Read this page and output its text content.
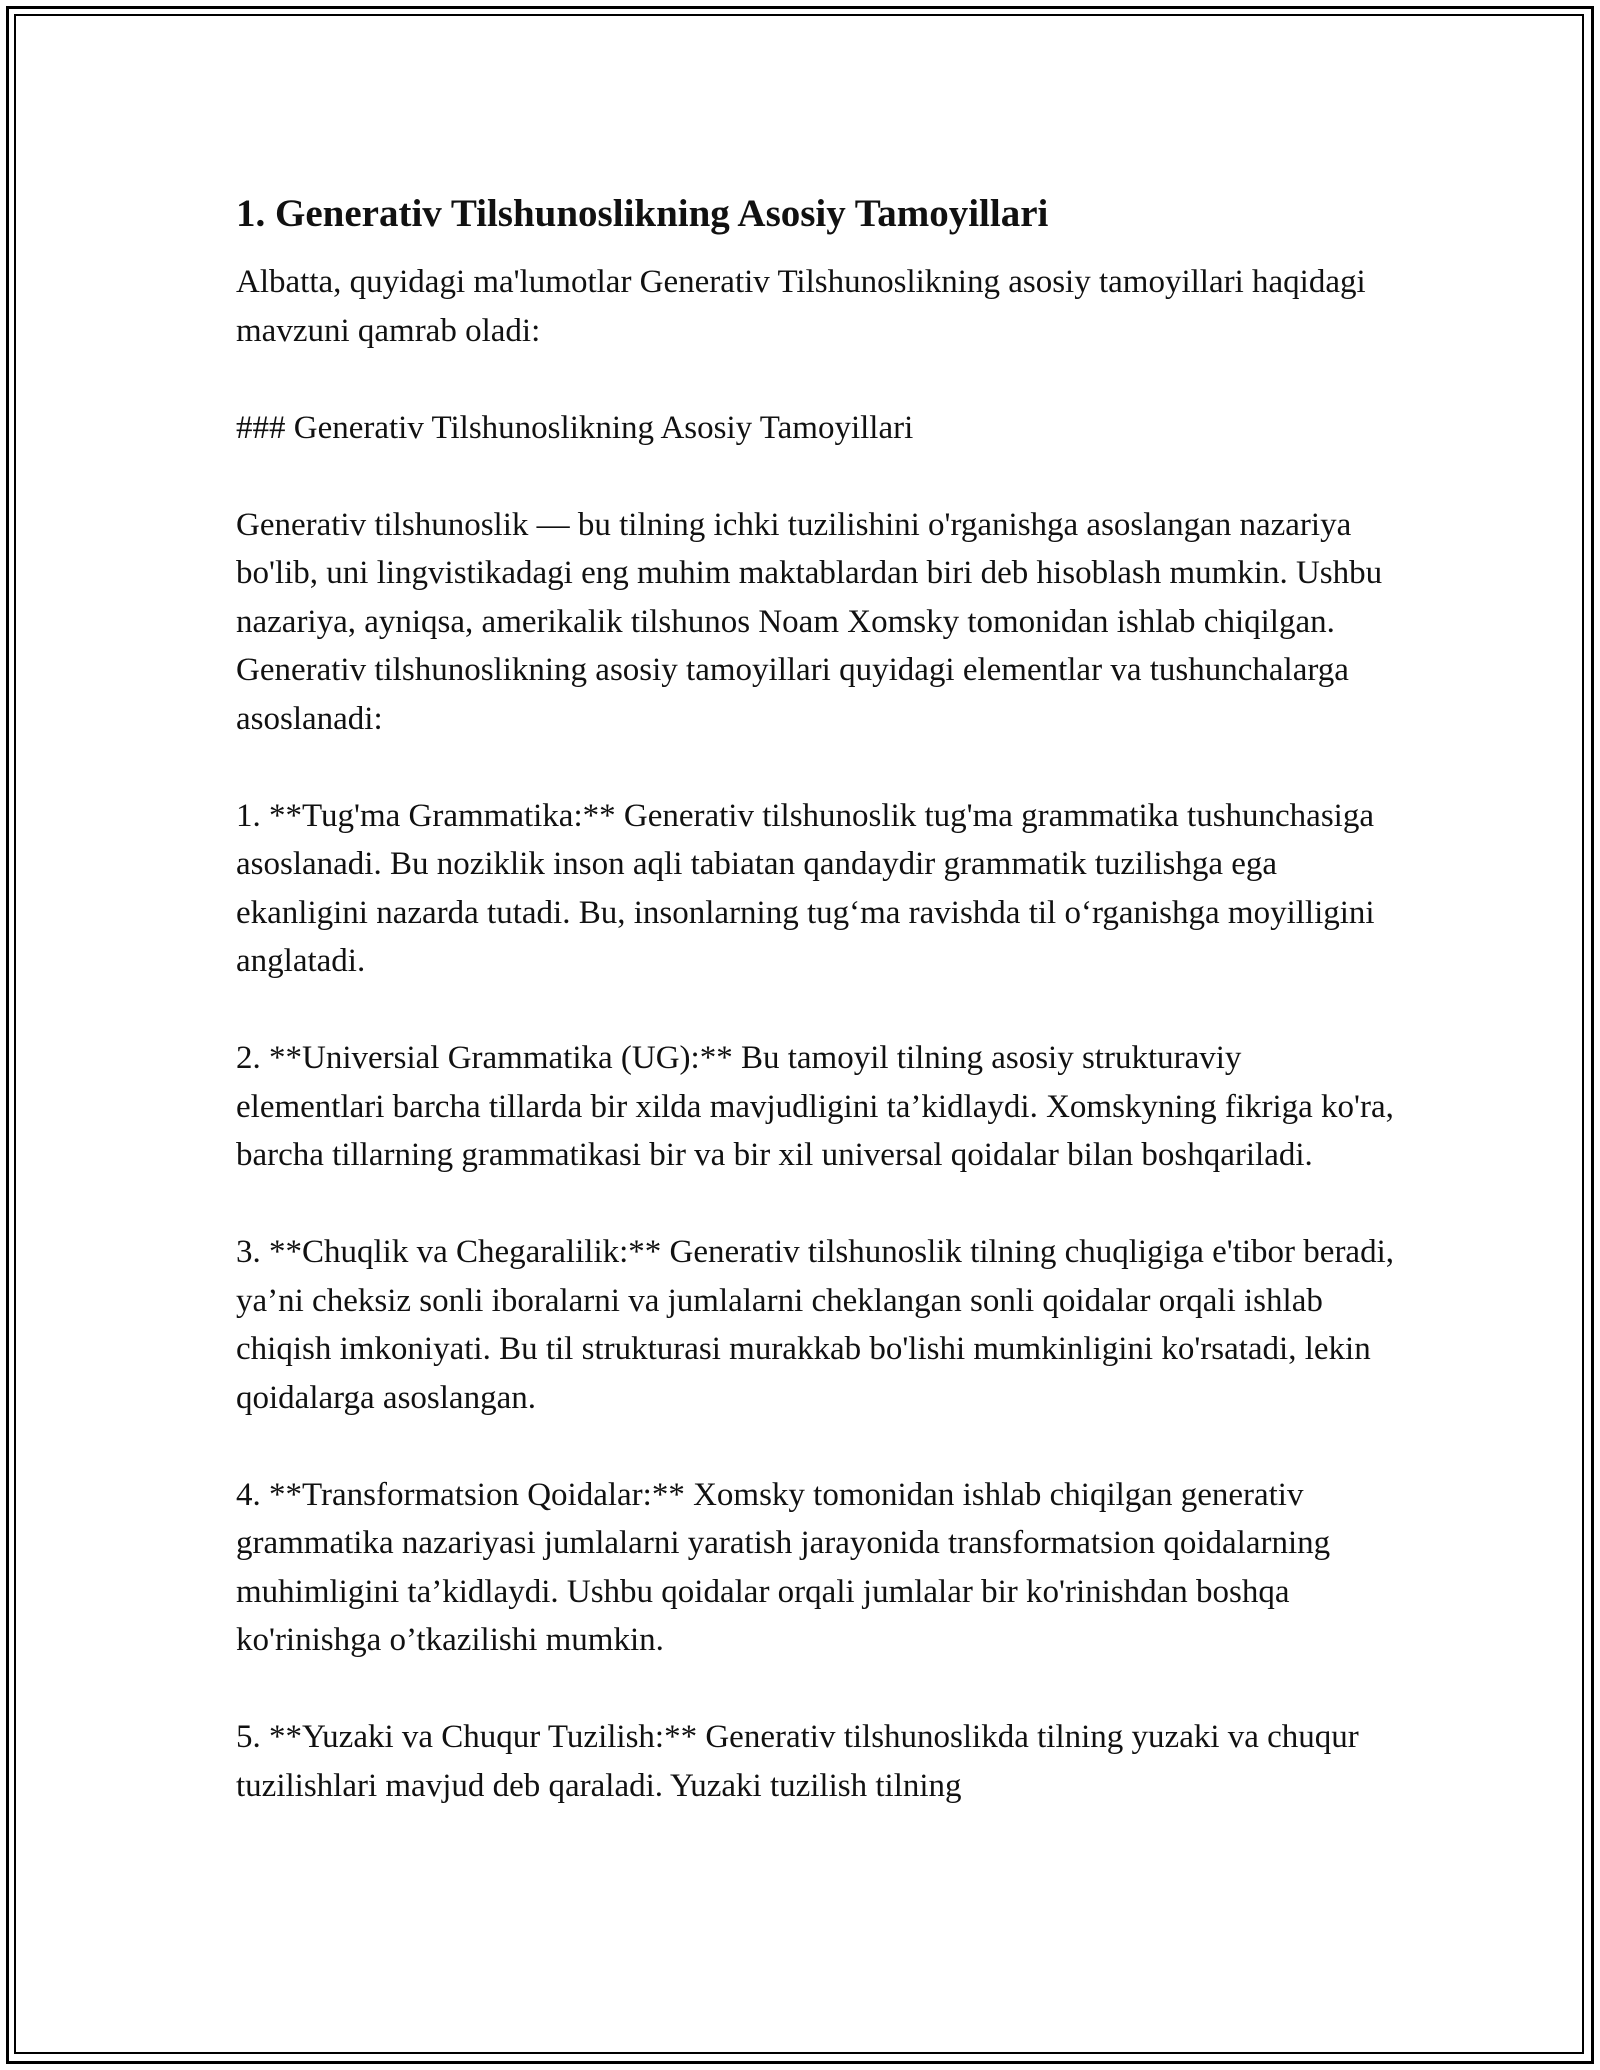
1. Generativ Tilshunoslikning Asosiy Tamoyillari

Albatta, quyidagi ma'lumotlar Generativ Tilshunoslikning asosiy tamoyillari haqidagi mavzuni qamrab oladi:

### Generativ Tilshunoslikning Asosiy Tamoyillari

Generativ tilshunoslik — bu tilning ichki tuzilishini o'rganishga asoslangan nazariya bo'lib, uni lingvistikadagi eng muhim maktablardan biri deb hisoblash mumkin. Ushbu nazariya, ayniqsa, amerikalik tilshunos Noam Xomsky tomonidan ishlab chiqilgan. Generativ tilshunoslikning asosiy tamoyillari quyidagi elementlar va tushunchalarga asoslanadi:

1. **Tug'ma Grammatika:** Generativ tilshunoslik tug'ma grammatika tushunchasiga asoslanadi. Bu noziklik inson aqli tabiatan qandaydir grammatik tuzilishga ega ekanligini nazarda tutadi. Bu, insonlarning tug‘ma ravishda til o‘rganishga moyilligini anglatadi.

2. **Universial Grammatika (UG):** Bu tamoyil tilning asosiy strukturaviy elementlari barcha tillarda bir xilda mavjudligini ta’kidlaydi. Xomskyning fikriga ko'ra, barcha tillarning grammatikasi bir va bir xil universal qoidalar bilan boshqariladi.

3. **Chuqlik va Chegaralilik:** Generativ tilshunoslik tilning chuqligiga e'tibor beradi, ya’ni cheksiz sonli iboralarni va jumlalarni cheklangan sonli qoidalar orqali ishlab chiqish imkoniyati. Bu til strukturasi murakkab bo'lishi mumkinligini ko'rsatadi, lekin qoidalarga asoslangan.

4. **Transformatsion Qoidalar:** Xomsky tomonidan ishlab chiqilgan generativ grammatika nazariyasi jumlalarni yaratish jarayonida transformatsion qoidalarning muhimligini ta’kidlaydi. Ushbu qoidalar orqali jumlalar bir ko'rinishdan boshqa ko'rinishga o’tkazilishi mumkin.

5. **Yuzaki va Chuqur Tuzilish:** Generativ tilshunoslikda tilning yuzaki va chuqur tuzilishlari mavjud deb qaraladi. Yuzaki tuzilish tilning
